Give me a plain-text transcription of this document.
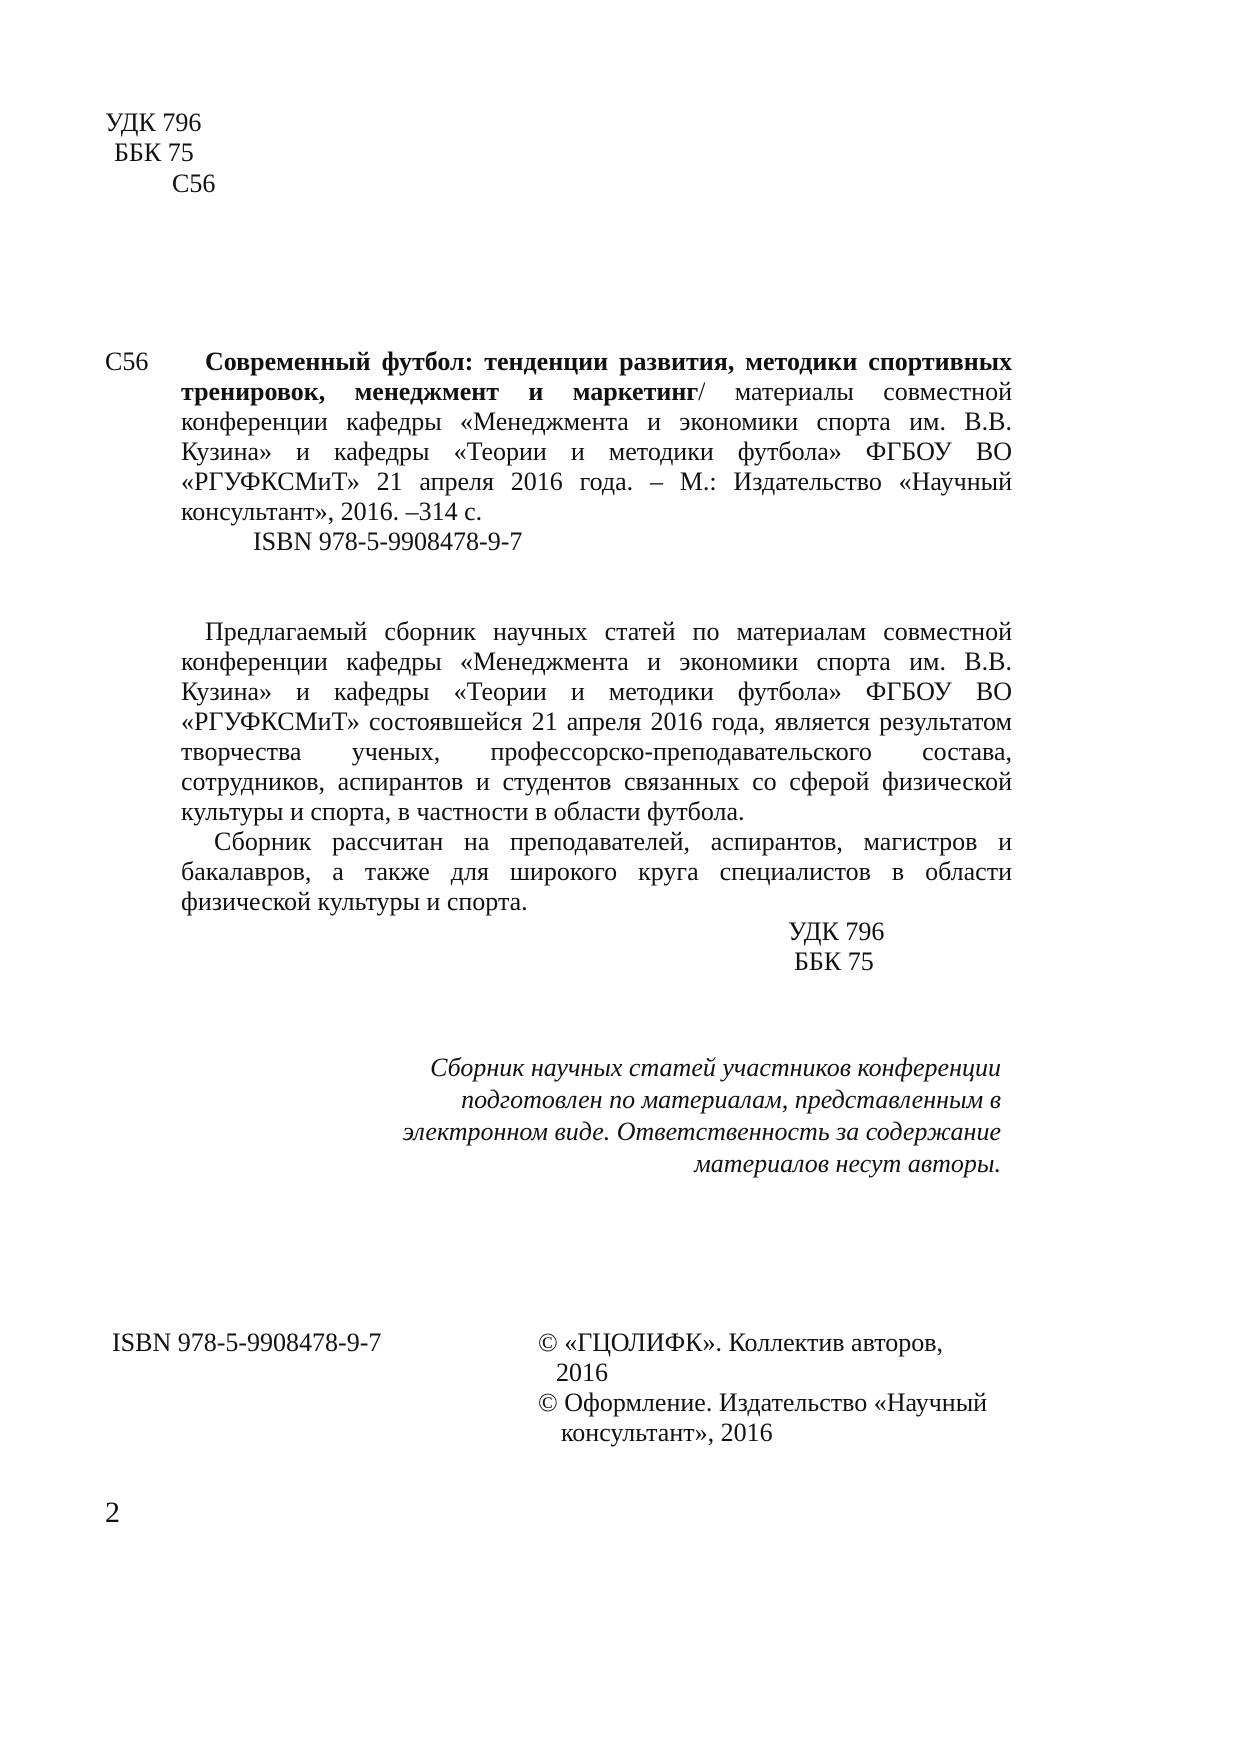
УДК 796
ББК 75
С56
С56 Современный футбол: тенденции развития, методики спортивных
тренировок, менеджмент и маркетинг/ материалы совместной
конференции кафедры «Менеджмента и экономики спорта им. В.В.
Кузина» и кафедры «Теории и методики футбола» ФГБОУ ВО
«РГУФКСМиТ» 21 апреля 2016 года. – М.: Издательство «Научный
консультант», 2016. –314 с.
ISBN 978-5-9908478-9-7
Предлагаемый сборник научных статей по материалам совместной
конференции кафедры «Менеджмента и экономики спорта им. В.В.
Кузина» и кафедры «Теории и методики футбола» ФГБОУ ВО
«РГУФКСМиТ» состоявшейся 21 апреля 2016 года, является результатом
творчества ученых, профессорско-преподавательского состава,
сотрудников, аспирантов и студентов связанных со сферой физической
культуры и спорта, в частности в области футбола.
Сборник рассчитан на преподавателей, аспирантов, магистров и
бакалавров, а также для широкого круга специалистов в области
физической культуры и спорта.
УДК 796
ББК 75
Сборник научных статей участников конференции
подготовлен по материалам, представленным в
электронном виде. Ответственность за содержание
материалов несут авторы.
ISBN 978-5-9908478-9-7	© «ГЦОЛИФК». Коллектив авторов,
2016
© Оформление. Издательство «Научный
консультант», 2016
2
